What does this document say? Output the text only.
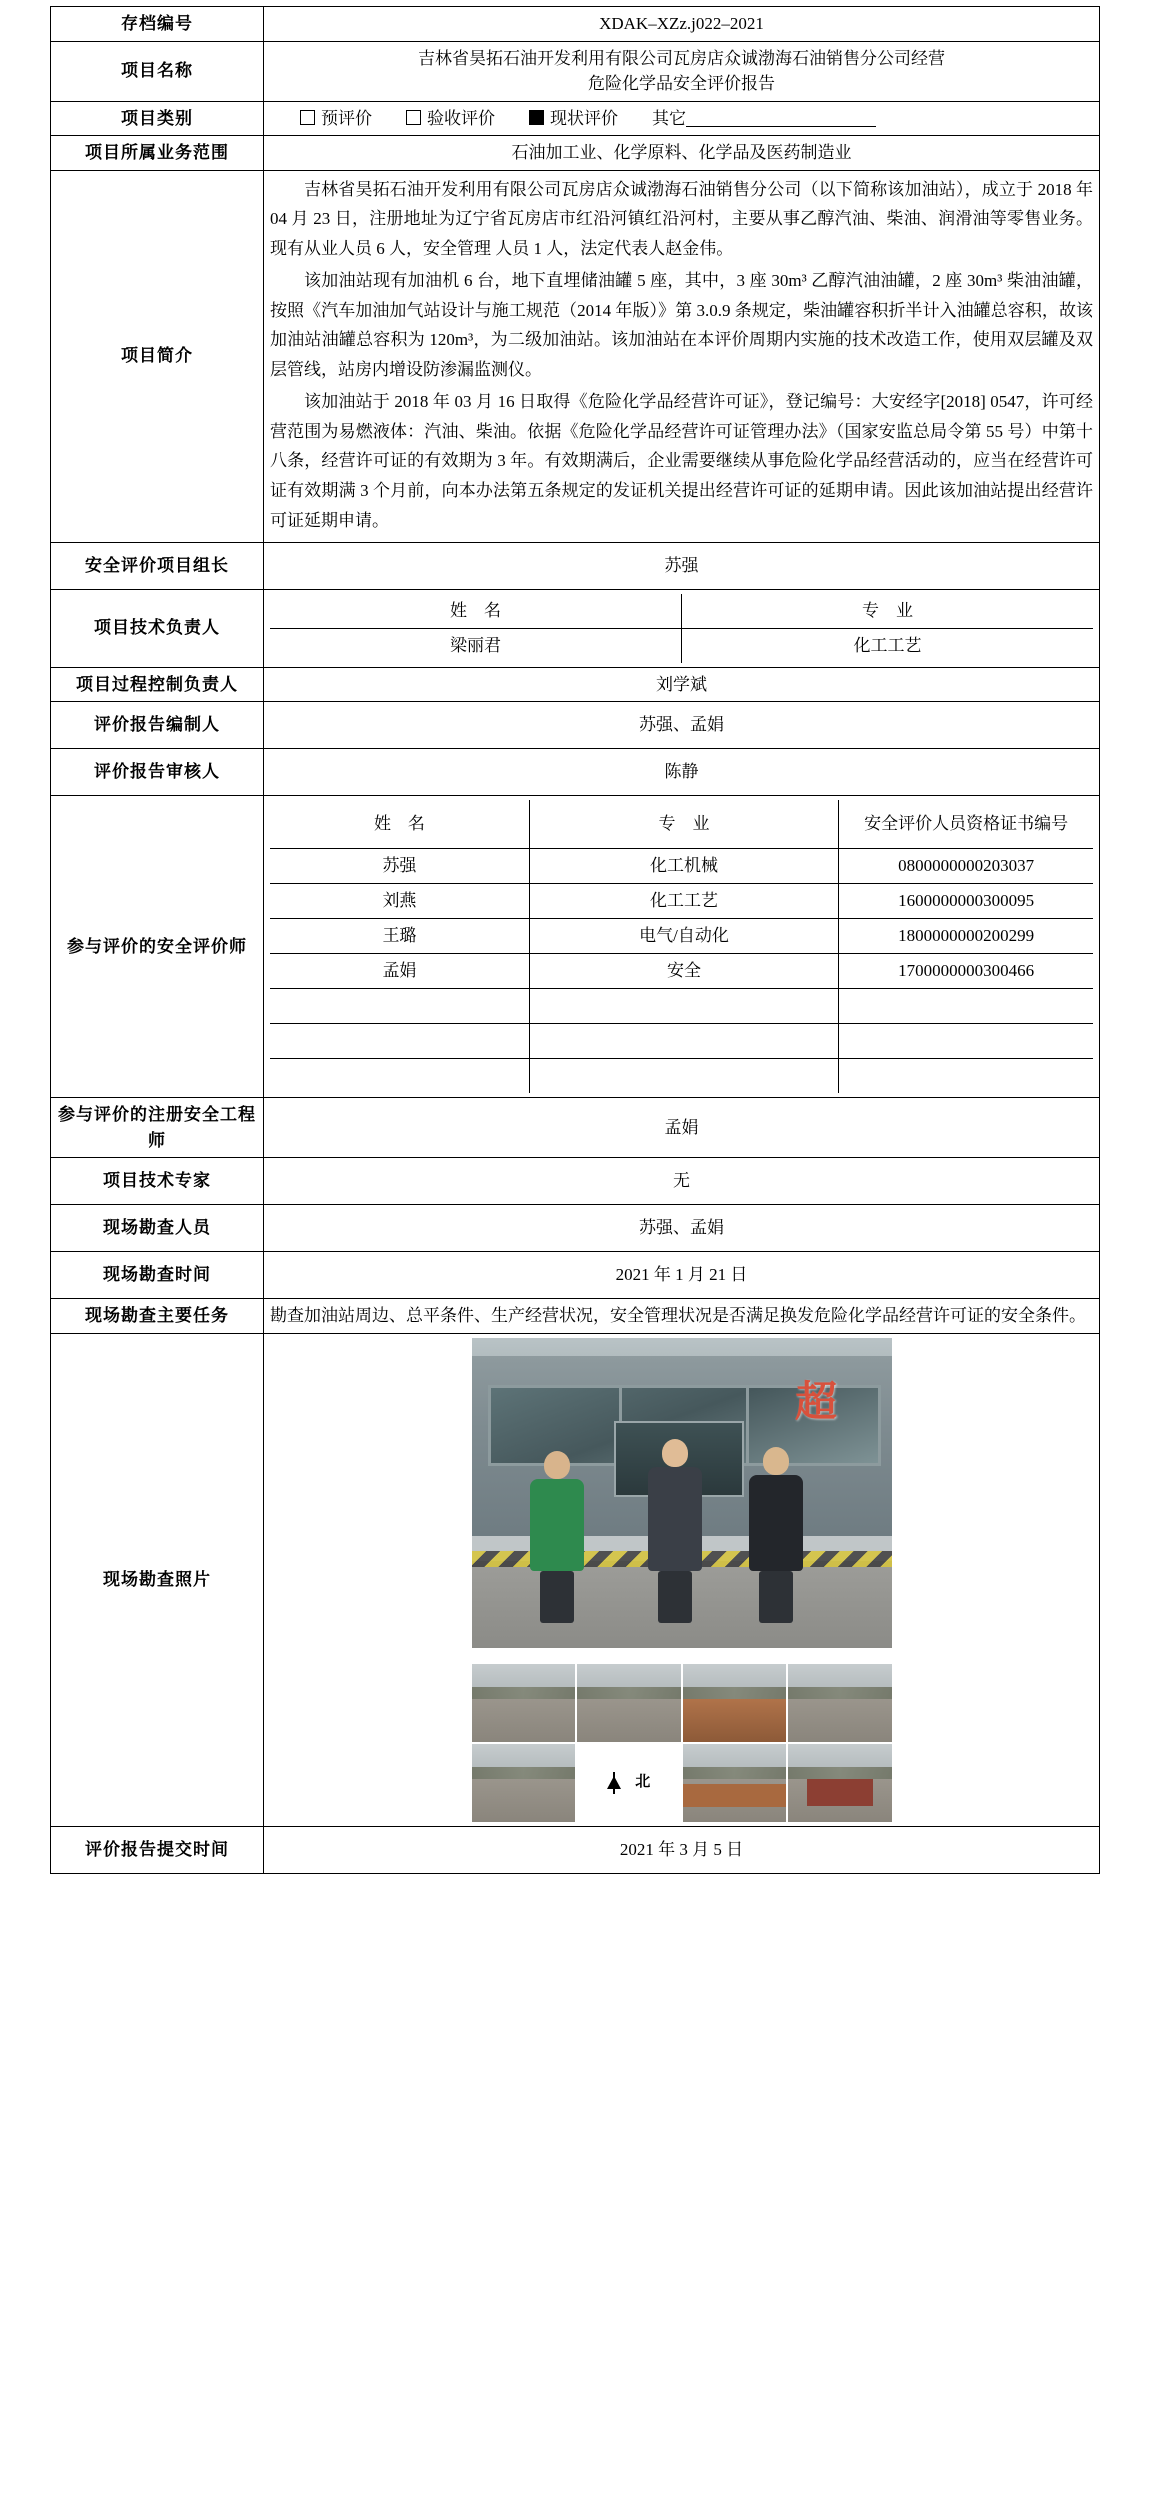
存档编号	XDAK–XZz.j022–2021
项目名称	
吉林省昊拓石油开发利用有限公司瓦房店众诚渤海石油销售分公司经营
危险化学品安全评价报告

项目类别	预评价	验收评价	现状评价 其它

项目所属业务范围	石油加工业、化学原料、化学品及医药制造业
项目简介	

吉林省昊拓石油开发利用有限公司瓦房店众诚渤海石油销售分公司（以下简称该加油站），成立于 2018 年 04 月 23 日，注册地址为辽宁省瓦房店市红沿河镇红沿河村，主要从事乙醇汽油、柴油、润滑油等零售业务。现有从业人员 6 人，安全管理 人员 1 人，法定代表人赵金伟。

该加油站现有加油机 6 台，地下直埋储油罐 5 座，其中，3 座 30m³ 乙醇汽油油罐，2 座 30m³ 柴油油罐，按照《汽车加油加气站设计与施工规范（2014 年版）》第 3.0.9 条规定，柴油罐容积折半计入油罐总容积，故该加油站油罐总容积为 120m³，为二级加油站。该加油站在本评价周期内实施的技术改造工作，使用双层罐及双层管线，站房内增设防渗漏监测仪。

该加油站于 2018 年 03 月 16 日取得《危险化学品经营许可证》，登记编号：大安经字[2018] 0547，许可经营范围为易燃液体：汽油、柴油。依据《危险化学品经营许可证管理办法》（国家安监总局令第 55 号）中第十八条，经营许可证的有效期为 3 年。有效期满后，企业需要继续从事危险化学品经营活动的，应当在经营许可证有效期满 3 个月前，向本办法第五条规定的发证机关提出经营许可证的延期申请。因此该加油站提出经营许可证延期申请。

安全评价项目组长	苏强
项目技术负责人	
姓　名	专　业
梁丽君	化工工艺

项目过程控制负责人	刘学斌
评价报告编制人	苏强、孟娟
评价报告审核人	陈静
参与评价的安全评价师	
姓　名	专　业	安全评价人员资格证书编号
苏强	化工机械	0800000000203037
刘燕	化工工艺	1600000000300095
王璐	电气/自动化	1800000000200299
孟娟	安全	1700000000300466

参与评价的注册安全工程师	孟娟
项目技术专家	无
现场勘查人员	苏强、孟娟
现场勘查时间	2021 年 1 月 21 日
现场勘查主要任务	勘查加油站周边、总平条件、生产经营状况，安全管理状况是否满足换发危险化学品经营许可证的安全条件。
现场勘查照片	
超
北

评价报告提交时间	2021 年 3 月 5 日
